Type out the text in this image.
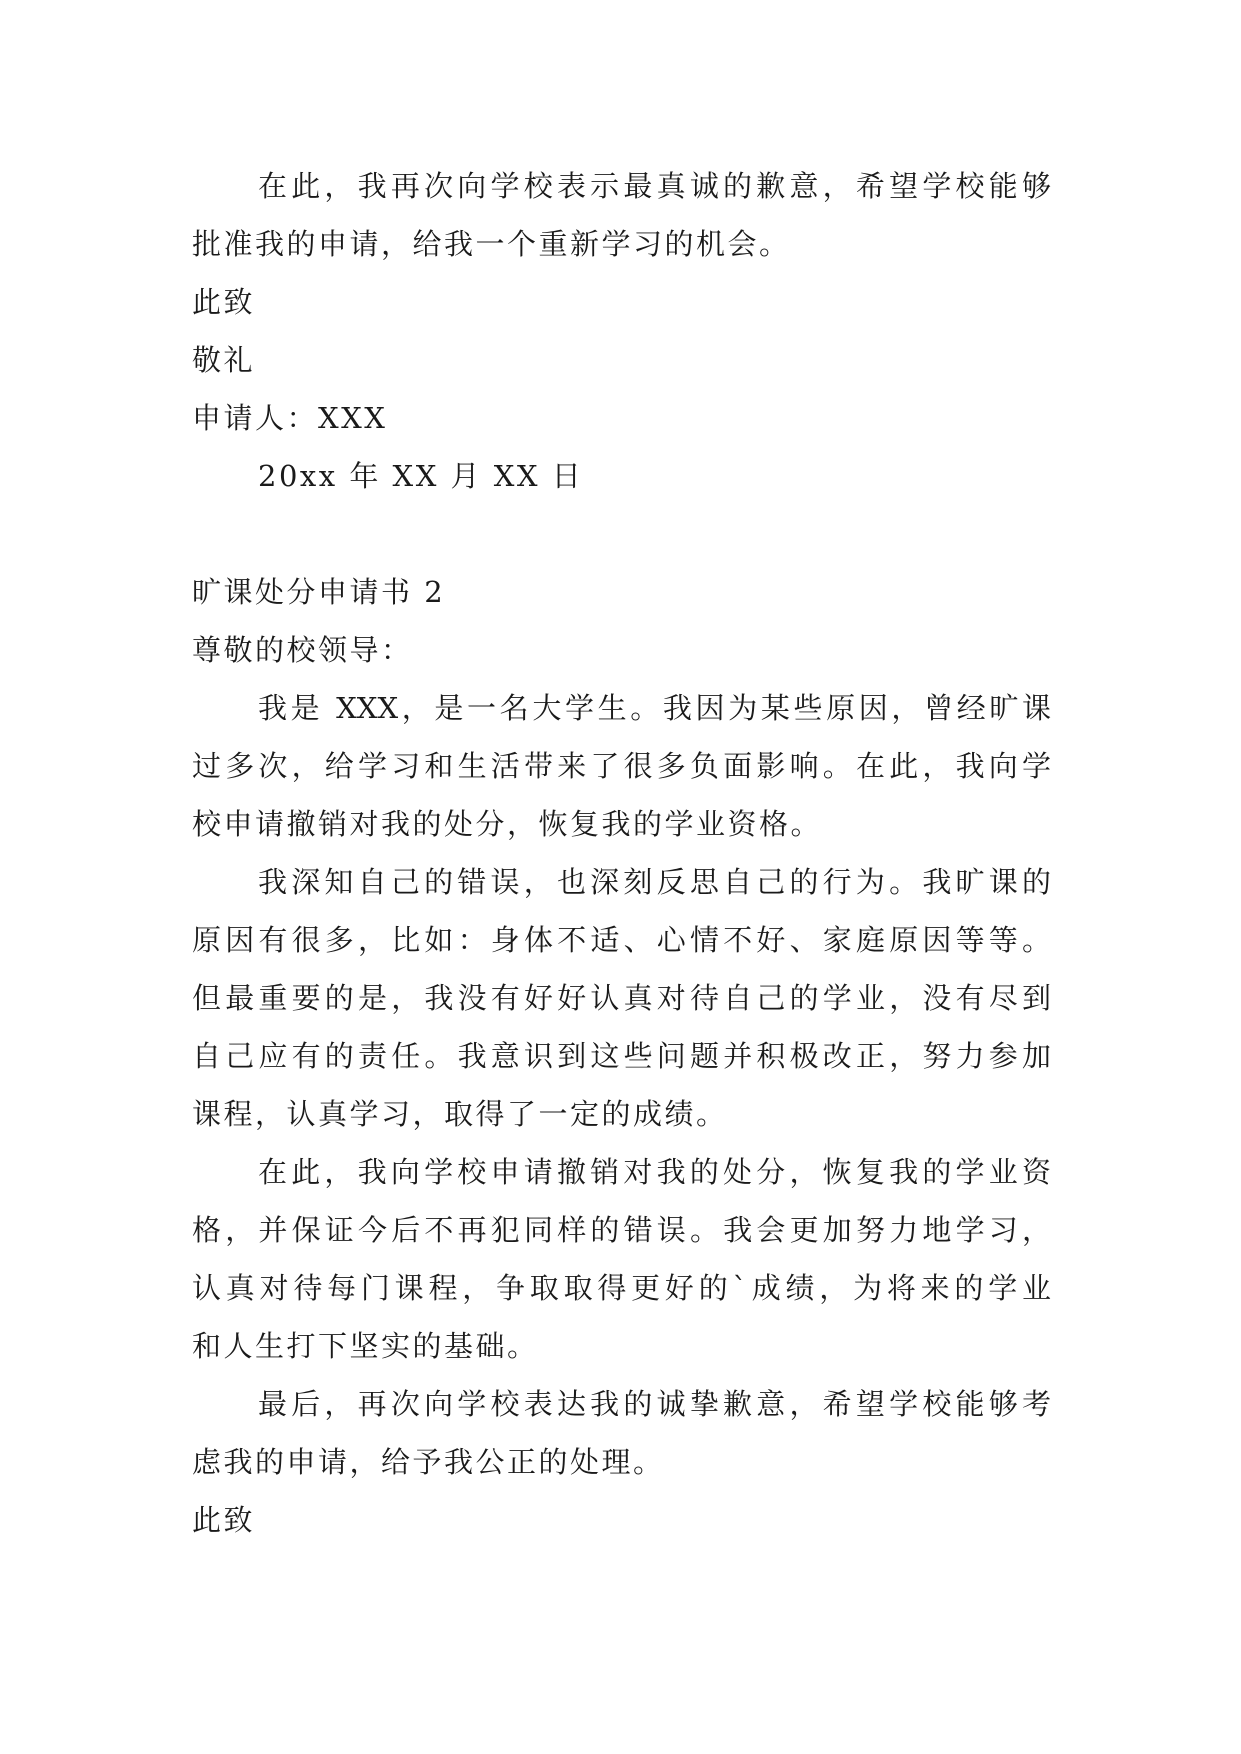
在此，我再次向学校表示最真诚的歉意，希望学校能够
批准我的申请，给我一个重新学习的机会。
此致
敬礼
申请人：XXX
20xx 年 XX 月 XX 日
旷课处分申请书 2
尊敬的校领导：
我是 XXX，是一名大学生。我因为某些原因，曾经旷课
过多次，给学习和生活带来了很多负面影响。在此，我向学
校申请撤销对我的处分，恢复我的学业资格。
我深知自己的错误，也深刻反思自己的行为。我旷课的
原因有很多，比如：身体不适、心情不好、家庭原因等等。
但最重要的是，我没有好好认真对待自己的学业，没有尽到
自己应有的责任。我意识到这些问题并积极改正，努力参加
课程，认真学习，取得了一定的成绩。
在此，我向学校申请撤销对我的处分，恢复我的学业资
格，并保证今后不再犯同样的错误。我会更加努力地学习，
认真对待每门课程，争取取得更好的`成绩，为将来的学业
和人生打下坚实的基础。
最后，再次向学校表达我的诚挚歉意，希望学校能够考
虑我的申请，给予我公正的处理。
此致
